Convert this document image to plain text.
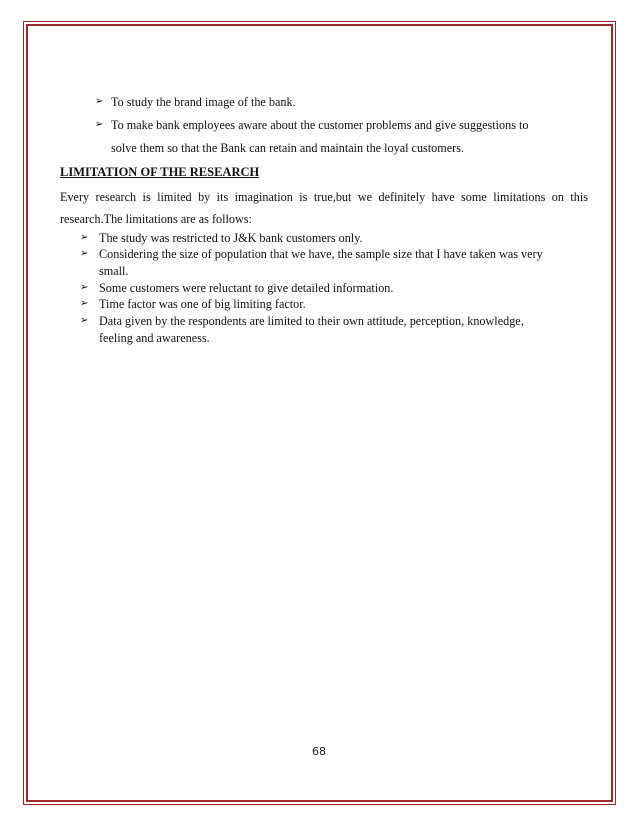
➢ To study the brand image of the bank.
➢ To make bank employees aware about the customer problems and give suggestions to
solve them so that the Bank can retain and maintain the loyal customers.
LIMITATION OF THE RESEARCH
Every research is limited by its imagination is true,but we definitely have some limitations on this research.The limitations are as follows:
➢ The study was restricted to J&K bank customers only.
➢ Considering the size of population that we have, the sample size that I have taken was very
small.
➢ Some customers were reluctant to give detailed information.
➢ Time factor was one of big limiting factor.
➢ Data given by the respondents are limited to their own attitude, perception, knowledge,
feeling and awareness.
68
